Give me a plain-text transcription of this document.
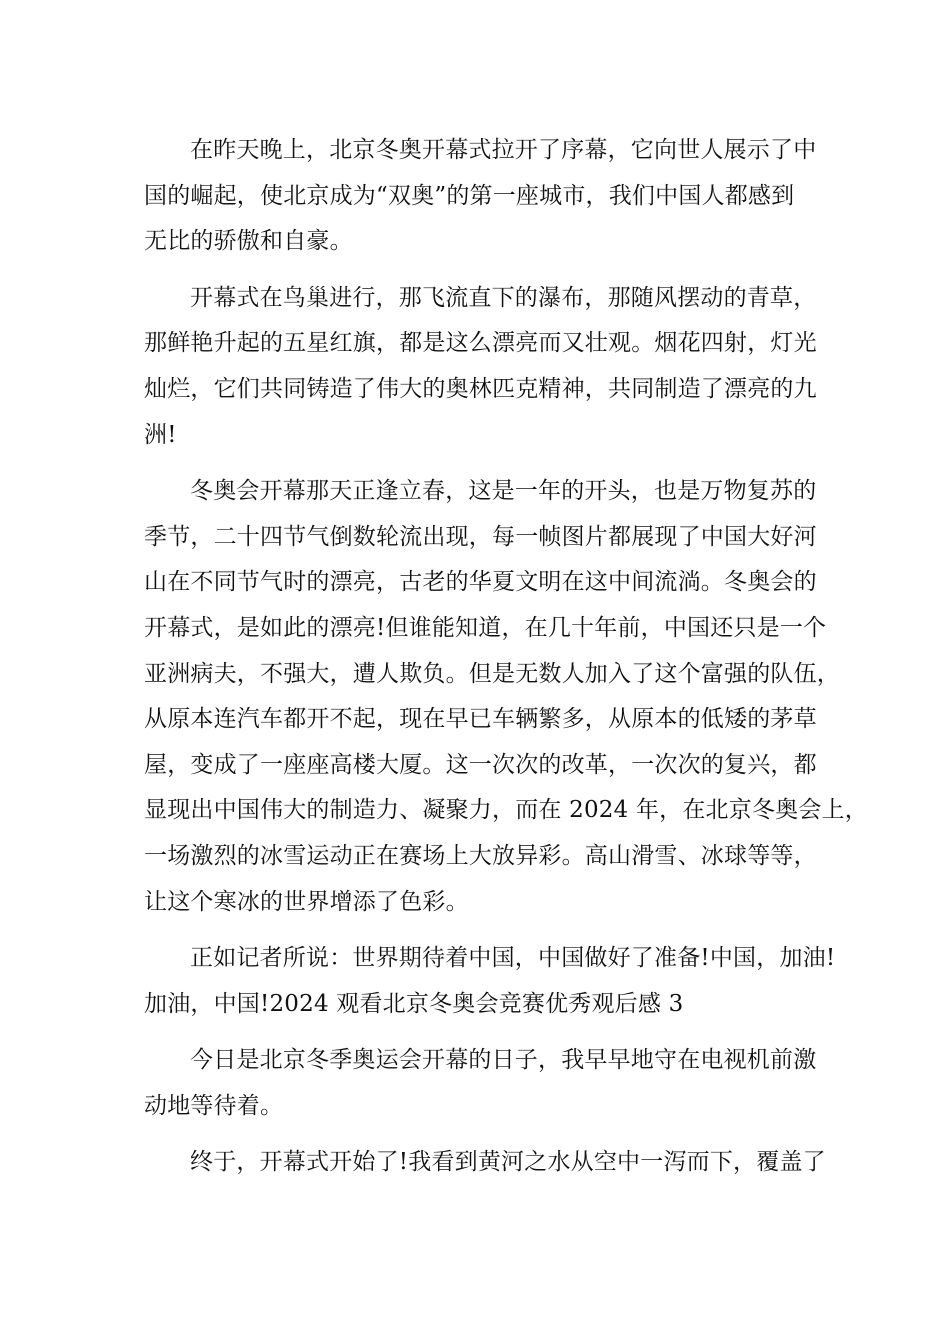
在昨天晚上，北京冬奥开幕式拉开了序幕，它向世人展示了中
国的崛起，使北京成为“双奥”的第一座城市，我们中国人都感到
无比的骄傲和自豪。
开幕式在鸟巢进行，那飞流直下的瀑布，那随风摆动的青草，
那鲜艳升起的五星红旗，都是这么漂亮而又壮观。烟花四射，灯光
灿烂，它们共同铸造了伟大的奥林匹克精神，共同制造了漂亮的九
洲!
冬奥会开幕那天正逢立春，这是一年的开头，也是万物复苏的
季节，二十四节气倒数轮流出现，每一帧图片都展现了中国大好河
山在不同节气时的漂亮，古老的华夏文明在这中间流淌。冬奥会的
开幕式，是如此的漂亮!但谁能知道，在几十年前，中国还只是一个
亚洲病夫，不强大，遭人欺负。但是无数人加入了这个富强的队伍，
从原本连汽车都开不起，现在早已车辆繁多，从原本的低矮的茅草
屋，变成了一座座高楼大厦。这一次次的改革，一次次的复兴，都
显现出中国伟大的制造力、凝聚力，而在 2024 年，在北京冬奥会上，
一场激烈的冰雪运动正在赛场上大放异彩。高山滑雪、冰球等等，
让这个寒冰的世界增添了色彩。
正如记者所说：世界期待着中国，中国做好了准备!中国，加油!
加油，中国!2024 观看北京冬奥会竞赛优秀观后感 3
今日是北京冬季奥运会开幕的日子，我早早地守在电视机前激
动地等待着。
终于，开幕式开始了!我看到黄河之水从空中一泻而下，覆盖了
